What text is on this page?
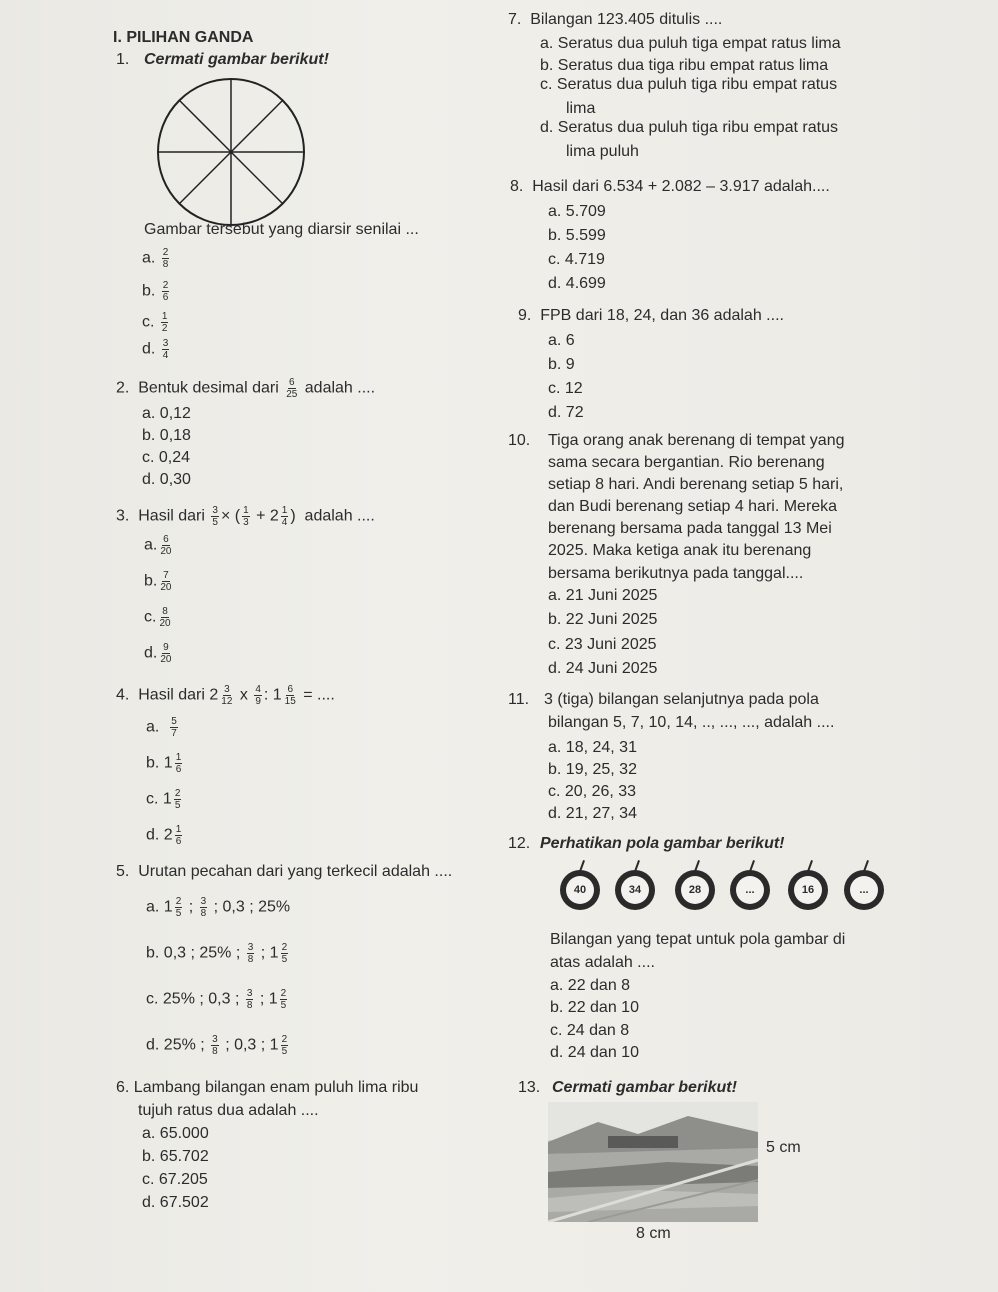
I. PILIHAN GANDA
1. Cermati gambar berikut!
Gambar tersebut yang diarsir senilai ...
a. $\frac{2}{8}$
b. $\frac{2}{6}$
c. $\frac{1}{2}$
d. $\frac{3}{4}$
2. Bentuk desimal dari $\frac{6}{25}$ adalah ....
a. 0,12
b. 0,18
c. 0,24
d. 0,30
3. Hasil dari $\frac{3}{5}$ × ( $\frac{1}{3} + 2 \frac{1}{4}$ ) adalah ....
a. $\frac{6}{20}$
b. $\frac{7}{20}$
c. $\frac{8}{20}$
d. $\frac{9}{20}$
4. Hasil dari $2 \frac{3}{12}$ x $\frac{4}{9}$ : $1 \frac{6}{15}$ = ....
a. $\frac{5}{7}$
b. $1 \frac{1}{6}$
c. $1 \frac{2}{5}$
d. $2 \frac{1}{6}$
5. Urutan pecahan dari yang terkecil adalah ....
a. $1 \frac{2}{5}$ ; $\frac{3}{8}$ ; 0,3 ; 25%
b. 0,3 ; 25% ; $\frac{3}{8}$ ; $1 \frac{2}{5}$
c. 25% ; 0,3 ; $\frac{3}{8}$ ; $1 \frac{2}{5}$
d. 25% ; $\frac{3}{8}$ ; 0,3 ; $1 \frac{2}{5}$
6. Lambang bilangan enam puluh lima ribu
tujuh ratus dua adalah ....
a. 65.000
b. 65.702
c. 67.205
d. 67.502
7. Bilangan 123.405 ditulis ....
a. Seratus dua puluh tiga empat ratus lima
b. Seratus dua tiga ribu empat ratus lima
c. Seratus dua puluh tiga ribu empat ratus
lima
d. Seratus dua puluh tiga ribu empat ratus
lima puluh
8. Hasil dari 6.534 + 2.082 – 3.917 adalah....
a. 5.709
b. 5.599
c. 4.719
d. 4.699
9. FPB dari 18, 24, dan 36 adalah ....
a. 6
b. 9
c. 12
d. 72
10. Tiga orang anak berenang di tempat yang
sama secara bergantian. Rio berenang
setiap 8 hari. Andi berenang setiap 5 hari,
dan Budi berenang setiap 4 hari. Mereka
berenang bersama pada tanggal 13 Mei
2025. Maka ketiga anak itu berenang
bersama berikutnya pada tanggal....
a. 21 Juni 2025
b. 22 Juni 2025
c. 23 Juni 2025
d. 24 Juni 2025
11. 3 (tiga) bilangan selanjutnya pada pola
bilangan 5, 7, 10, 14, .., ..., ..., adalah ....
a. 18, 24, 31
b. 19, 25, 32
c. 20, 26, 33
d. 21, 27, 34
12. Perhatikan pola gambar berikut!
40	34	28	...	16	...
Bilangan yang tepat untuk pola gambar di
atas adalah ....
a. 22 dan 8
b. 22 dan 10
c. 24 dan 8
d. 24 dan 10
13. Cermati gambar berikut!
5 cm
8 cm
